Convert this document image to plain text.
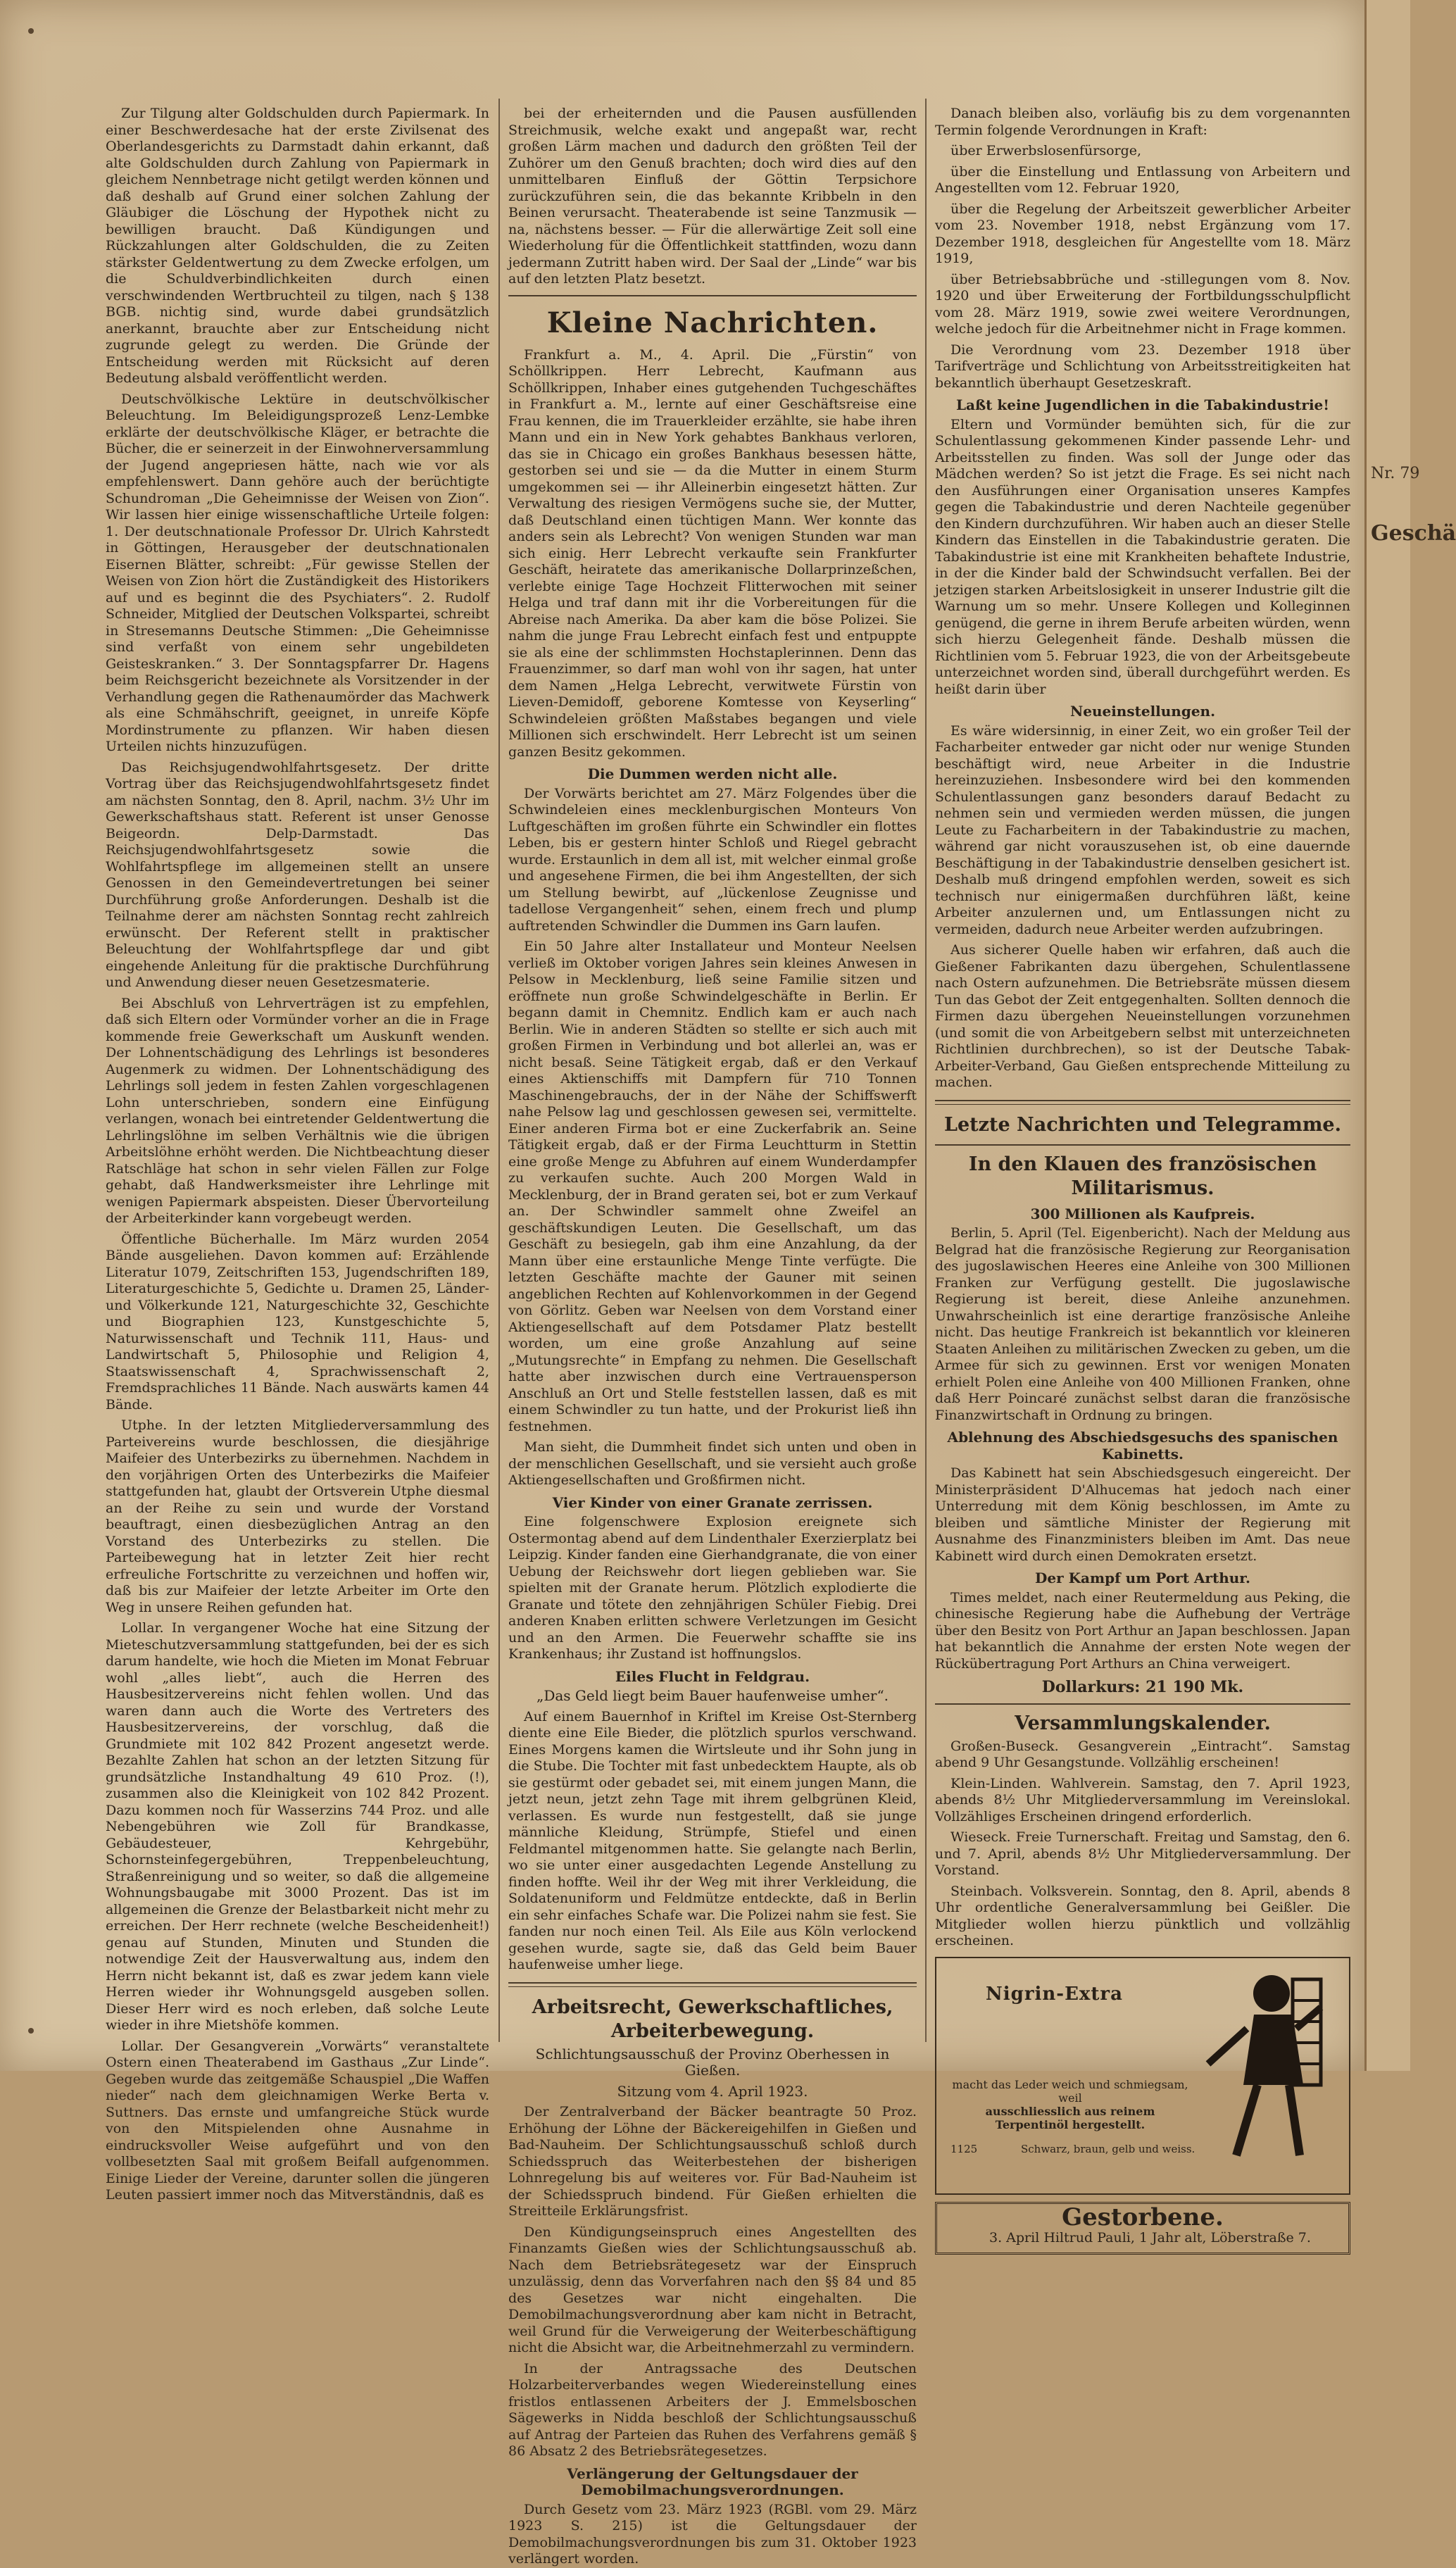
Zur Tilgung alter Goldschulden durch Papiermark. In einer Beschwerdesache hat der erste Zivilsenat des Oberlandesgerichts zu Darmstadt dahin erkannt, daß alte Goldschulden durch Zahlung von Papiermark in gleichem Nennbetrage nicht getilgt werden können und daß deshalb auf Grund einer solchen Zahlung der Gläubiger die Löschung der Hypothek nicht zu bewilligen braucht. Daß Kündigungen und Rückzahlungen alter Goldschulden, die zu Zeiten stärkster Geldentwertung zu dem Zwecke erfolgen, um die Schuldverbindlichkeiten durch einen verschwindenden Wertbruchteil zu tilgen, nach § 138 BGB. nichtig sind, wurde dabei grundsätzlich anerkannt, brauchte aber zur Entscheidung nicht zugrunde gelegt zu werden. Die Gründe der Entscheidung werden mit Rücksicht auf deren Bedeutung alsbald veröffentlicht werden.

Deutschvölkische Lektüre in deutschvölkischer Beleuchtung. Im Beleidigungsprozeß Lenz-Lembke erklärte der deutschvölkische Kläger, er betrachte die Bücher, die er seinerzeit in der Einwohnerversammlung der Jugend angepriesen hätte, nach wie vor als empfehlenswert. Dann gehöre auch der berüchtigte Schundroman „Die Geheimnisse der Weisen von Zion“. Wir lassen hier einige wissenschaftliche Urteile folgen: 1. Der deutschnationale Professor Dr. Ulrich Kahrstedt in Göttingen, Herausgeber der deutschnationalen Eisernen Blätter, schreibt: „Für gewisse Stellen der Weisen von Zion hört die Zuständigkeit des Historikers auf und es beginnt die des Psychiaters“. 2. Rudolf Schneider, Mitglied der Deutschen Volkspartei, schreibt in Stresemanns Deutsche Stimmen: „Die Geheimnisse sind verfaßt von einem sehr ungebildeten Geisteskranken.“ 3. Der Sonntagspfarrer Dr. Hagens beim Reichsgericht bezeichnete als Vorsitzender in der Verhandlung gegen die Rathenaumörder das Machwerk als eine Schmähschrift, geeignet, in unreife Köpfe Mordinstrumente zu pflanzen. Wir haben diesen Urteilen nichts hinzuzufügen.

Das Reichsjugendwohlfahrtsgesetz. Der dritte Vortrag über das Reichsjugendwohlfahrtsgesetz findet am nächsten Sonntag, den 8. April, nachm. 3½ Uhr im Gewerkschaftshaus statt. Referent ist unser Genosse Beigeordn. Delp-Darmstadt. Das Reichsjugendwohlfahrtsgesetz sowie die Wohlfahrtspflege im allgemeinen stellt an unsere Genossen in den Gemeindevertretungen bei seiner Durchführung große Anforderungen. Deshalb ist die Teilnahme derer am nächsten Sonntag recht zahlreich erwünscht. Der Referent stellt in praktischer Beleuchtung der Wohlfahrtspflege dar und gibt eingehende Anleitung für die praktische Durchführung und Anwendung dieser neuen Gesetzesmaterie.

Bei Abschluß von Lehrverträgen ist zu empfehlen, daß sich Eltern oder Vormünder vorher an die in Frage kommende freie Gewerkschaft um Auskunft wenden. Der Lohnentschädigung des Lehrlings ist besonderes Augenmerk zu widmen. Der Lohnentschädigung des Lehrlings soll jedem in festen Zahlen vorgeschlagenen Lohn unterschrieben, sondern eine Einfügung verlangen, wonach bei eintretender Geldentwertung die Lehrlingslöhne im selben Verhältnis wie die übrigen Arbeitslöhne erhöht werden. Die Nichtbeachtung dieser Ratschläge hat schon in sehr vielen Fällen zur Folge gehabt, daß Handwerksmeister ihre Lehrlinge mit wenigen Papiermark abspeisten. Dieser Übervorteilung der Arbeiterkinder kann vorgebeugt werden.

Öffentliche Bücherhalle. Im März wurden 2054 Bände ausgeliehen. Davon kommen auf: Erzählende Literatur 1079, Zeitschriften 153, Jugendschriften 189, Literaturgeschichte 5, Gedichte u. Dramen 25, Länder- und Völkerkunde 121, Naturgeschichte 32, Geschichte und Biographien 123, Kunstgeschichte 5, Naturwissenschaft und Technik 111, Haus- und Landwirtschaft 5, Philosophie und Religion 4, Staatswissenschaft 4, Sprachwissenschaft 2, Fremdsprachliches 11 Bände. Nach auswärts kamen 44 Bände.

Utphe. In der letzten Mitgliederversammlung des Parteivereins wurde beschlossen, die diesjährige Maifeier des Unterbezirks zu übernehmen. Nachdem in den vorjährigen Orten des Unterbezirks die Maifeier stattgefunden hat, glaubt der Ortsverein Utphe diesmal an der Reihe zu sein und wurde der Vorstand beauftragt, einen diesbezüglichen Antrag an den Vorstand des Unterbezirks zu stellen. Die Parteibewegung hat in letzter Zeit hier recht erfreuliche Fortschritte zu verzeichnen und hoffen wir, daß bis zur Maifeier der letzte Arbeiter im Orte den Weg in unsere Reihen gefunden hat.

Lollar. In vergangener Woche hat eine Sitzung der Mieteschutzversammlung stattgefunden, bei der es sich darum handelte, wie hoch die Mieten im Monat Februar wohl „alles liebt“, auch die Herren des Hausbesitzervereins nicht fehlen wollen. Und das waren dann auch die Worte des Vertreters des Hausbesitzervereins, der vorschlug, daß die Grundmiete mit 102 842 Prozent angesetzt werde. Bezahlte Zahlen hat schon an der letzten Sitzung für grundsätzliche Instandhaltung 49 610 Proz. (!), zusammen also die Kleinigkeit von 102 842 Prozent. Dazu kommen noch für Wasserzins 744 Proz. und alle Nebengebühren wie Zoll für Brandkasse, Gebäudesteuer, Kehrgebühr, Schornsteinfegergebühren, Treppenbeleuchtung, Straßenreinigung und so weiter, so daß die allgemeine Wohnungsbaugabe mit 3000 Prozent. Das ist im allgemeinen die Grenze der Belastbarkeit nicht mehr zu erreichen. Der Herr rechnete (welche Bescheidenheit!) genau auf Stunden, Minuten und Stunden die notwendige Zeit der Hausverwaltung aus, indem den Herrn nicht bekannt ist, daß es zwar jedem kann viele Herren wieder ihr Wohnungsgeld ausgeben sollen. Dieser Herr wird es noch erleben, daß solche Leute wieder in ihre Mietshöfe kommen.

Lollar. Der Gesangverein „Vorwärts“ veranstaltete Ostern einen Theaterabend im Gasthaus „Zur Linde“. Gegeben wurde das zeitgemäße Schauspiel „Die Waffen nieder“ nach dem gleichnamigen Werke Berta v. Suttners. Das ernste und umfangreiche Stück wurde von den Mitspielenden ohne Ausnahme in eindrucksvoller Weise aufgeführt und von den vollbesetzten Saal mit großem Beifall aufgenommen. Einige Lieder der Vereine, darunter sollen die jüngeren Leuten passiert immer noch das Mitverständnis, daß es

bei der erheiternden und die Pausen ausfüllenden Streichmusik, welche exakt und angepaßt war, recht großen Lärm machen und dadurch den größten Teil der Zuhörer um den Genuß brachten; doch wird dies auf den unmittelbaren Einfluß der Göttin Terpsichore zurückzuführen sein, die das bekannte Kribbeln in den Beinen verursacht. Theaterabende ist seine Tanzmusik — na, nächstens besser. — Für die allerwärtige Zeit soll eine Wiederholung für die Öffentlichkeit stattfinden, wozu dann jedermann Zutritt haben wird. Der Saal der „Linde“ war bis auf den letzten Platz besetzt.

Kleine Nachrichten.

Frankfurt a. M., 4. April. Die „Fürstin“ von Schöllkrippen. Herr Lebrecht, Kaufmann aus Schöllkrippen, Inhaber eines gutgehenden Tuchgeschäftes in Frankfurt a. M., lernte auf einer Geschäftsreise eine Frau kennen, die im Trauerkleider erzählte, sie habe ihren Mann und ein in New York gehabtes Bankhaus verloren, das sie in Chicago ein großes Bankhaus besessen hätte, gestorben sei und sie — da die Mutter in einem Sturm umgekommen sei — ihr Alleinerbin eingesetzt hätten. Zur Verwaltung des riesigen Vermögens suche sie, der Mutter, daß Deutschland einen tüchtigen Mann. Wer konnte das anders sein als Lebrecht? Von wenigen Stunden war man sich einig. Herr Lebrecht verkaufte sein Frankfurter Geschäft, heiratete das amerikanische Dollarprinzeßchen, verlebte einige Tage Hochzeit Flitterwochen mit seiner Helga und traf dann mit ihr die Vorbereitungen für die Abreise nach Amerika. Da aber kam die böse Polizei. Sie nahm die junge Frau Lebrecht einfach fest und entpuppte sie als eine der schlimmsten Hochstaplerinnen. Denn das Frauenzimmer, so darf man wohl von ihr sagen, hat unter dem Namen „Helga Lebrecht, verwitwete Fürstin von Lieven-Demidoff, geborene Komtesse von Keyserling“ Schwindeleien größten Maßstabes begangen und viele Millionen sich erschwindelt. Herr Lebrecht ist um seinen ganzen Besitz gekommen.

Die Dummen werden nicht alle.

Der Vorwärts berichtet am 27. März Folgendes über die Schwindeleien eines mecklenburgischen Monteurs Von Luftgeschäften im großen führte ein Schwindler ein flottes Leben, bis er gestern hinter Schloß und Riegel gebracht wurde. Erstaunlich in dem all ist, mit welcher einmal große und angesehene Firmen, die bei ihm Angestellten, der sich um Stellung bewirbt, auf „lückenlose Zeugnisse und tadellose Vergangenheit“ sehen, einem frech und plump auftretenden Schwindler die Dummen ins Garn laufen.

Ein 50 Jahre alter Installateur und Monteur Neelsen verließ im Oktober vorigen Jahres sein kleines Anwesen in Pelsow in Mecklenburg, ließ seine Familie sitzen und eröffnete nun große Schwindelgeschäfte in Berlin. Er begann damit in Chemnitz. Endlich kam er auch nach Berlin. Wie in anderen Städten so stellte er sich auch mit großen Firmen in Verbindung und bot allerlei an, was er nicht besaß. Seine Tätigkeit ergab, daß er den Verkauf eines Aktienschiffs mit Dampfern für 710 Tonnen Maschinengebrauchs, der in der Nähe der Schiffswerft nahe Pelsow lag und geschlossen gewesen sei, vermittelte. Einer anderen Firma bot er eine Zuckerfabrik an. Seine Tätigkeit ergab, daß er der Firma Leuchtturm in Stettin eine große Menge zu Abfuhren auf einem Wunderdampfer zu verkaufen suchte. Auch 200 Morgen Wald in Mecklenburg, der in Brand geraten sei, bot er zum Verkauf an. Der Schwindler sammelt ohne Zweifel an geschäftskundigen Leuten. Die Gesellschaft, um das Geschäft zu besiegeln, gab ihm eine Anzahlung, da der Mann über eine erstaunliche Menge Tinte verfügte. Die letzten Geschäfte machte der Gauner mit seinen angeblichen Rechten auf Kohlenvorkommen in der Gegend von Görlitz. Geben war Neelsen von dem Vorstand einer Aktiengesellschaft auf dem Potsdamer Platz bestellt worden, um eine große Anzahlung auf seine „Mutungsrechte“ in Empfang zu nehmen. Die Gesellschaft hatte aber inzwischen durch eine Vertrauensperson Anschluß an Ort und Stelle feststellen lassen, daß es mit einem Schwindler zu tun hatte, und der Prokurist ließ ihn festnehmen.

Man sieht, die Dummheit findet sich unten und oben in der menschlichen Gesellschaft, und sie versieht auch große Aktiengesellschaften und Großfirmen nicht.

Vier Kinder von einer Granate zerrissen.

Eine folgenschwere Explosion ereignete sich Ostermontag abend auf dem Lindenthaler Exerzierplatz bei Leipzig. Kinder fanden eine Gierhandgranate, die von einer Uebung der Reichswehr dort liegen geblieben war. Sie spielten mit der Granate herum. Plötzlich explodierte die Granate und tötete den zehnjährigen Schüler Fiebig. Drei anderen Knaben erlitten schwere Verletzungen im Gesicht und an den Armen. Die Feuerwehr schaffte sie ins Krankenhaus; ihr Zustand ist hoffnungslos.

Eiles Flucht in Feldgrau.
„Das Geld liegt beim Bauer haufenweise umher“.

Auf einem Bauernhof in Kriftel im Kreise Ost-Sternberg diente eine Eile Bieder, die plötzlich spurlos verschwand. Eines Morgens kamen die Wirtsleute und ihr Sohn jung in die Stube. Die Tochter mit fast unbedecktem Haupte, als ob sie gestürmt oder gebadet sei, mit einem jungen Mann, die jetzt neun, jetzt zehn Tage mit ihrem gelbgrünen Kleid, verlassen. Es wurde nun festgestellt, daß sie junge männliche Kleidung, Strümpfe, Stiefel und einen Feldmantel mitgenommen hatte. Sie gelangte nach Berlin, wo sie unter einer ausgedachten Legende Anstellung zu finden hoffte. Weil ihr der Weg mit ihrer Verkleidung, die Soldatenuniform und Feldmütze entdeckte, daß in Berlin ein sehr einfaches Schafe war. Die Polizei nahm sie fest. Sie fanden nur noch einen Teil. Als Eile aus Köln verlockend gesehen wurde, sagte sie, daß das Geld beim Bauer haufenweise umher liege.

Arbeitsrecht, Gewerkschaftliches, Arbeiterbewegung.
Schlichtungsausschuß der Provinz Oberhessen in Gießen.
Sitzung vom 4. April 1923.

Der Zentralverband der Bäcker beantragte 50 Proz. Erhöhung der Löhne der Bäckereigehilfen in Gießen und Bad-Nauheim. Der Schlichtungsausschuß schloß durch Schiedsspruch das Weiterbestehen der bisherigen Lohnregelung bis auf weiteres vor. Für Bad-Nauheim ist der Schiedsspruch bindend. Für Gießen erhielten die Streitteile Erklärungsfrist.

Den Kündigungseinspruch eines Angestellten des Finanzamts Gießen wies der Schlichtungsausschuß ab. Nach dem Betriebsrätegesetz war der Einspruch unzulässig, denn das Vorverfahren nach den §§ 84 und 85 des Gesetzes war nicht eingehalten. Die Demobilmachungsverordnung aber kam nicht in Betracht, weil Grund für die Verweigerung der Weiterbeschäftigung nicht die Absicht war, die Arbeitnehmerzahl zu vermindern.

In der Antragssache des Deutschen Holzarbeiterverbandes wegen Wiedereinstellung eines fristlos entlassenen Arbeiters der J. Emmelsboschen Sägewerks in Nidda beschloß der Schlichtungsausschuß auf Antrag der Parteien das Ruhen des Verfahrens gemäß § 86 Absatz 2 des Betriebsrätegesetzes.

Verlängerung der Geltungsdauer der Demobilmachungsverordnungen.

Durch Gesetz vom 23. März 1923 (RGBl. vom 29. März 1923 S. 215) ist die Geltungsdauer der Demobilmachungsverordnungen bis zum 31. Oktober 1923 verlängert worden.

Danach bleiben also, vorläufig bis zu dem vorgenannten Termin folgende Verordnungen in Kraft:

über Erwerbslosenfürsorge,

über die Einstellung und Entlassung von Arbeitern und Angestellten vom 12. Februar 1920,

über die Regelung der Arbeitszeit gewerblicher Arbeiter vom 23. November 1918, nebst Ergänzung vom 17. Dezember 1918, desgleichen für Angestellte vom 18. März 1919,

über Betriebsabbrüche und -stillegungen vom 8. Nov. 1920 und über Erweiterung der Fortbildungsschulpflicht vom 28. März 1919, sowie zwei weitere Verordnungen, welche jedoch für die Arbeitnehmer nicht in Frage kommen.

Die Verordnung vom 23. Dezember 1918 über Tarifverträge und Schlichtung von Arbeitsstreitigkeiten hat bekanntlich überhaupt Gesetzeskraft.

Laßt keine Jugendlichen in die Tabakindustrie!

Eltern und Vormünder bemühten sich, für die zur Schulentlassung gekommenen Kinder passende Lehr- und Arbeitsstellen zu finden. Was soll der Junge oder das Mädchen werden? So ist jetzt die Frage. Es sei nicht nach den Ausführungen einer Organisation unseres Kampfes gegen die Tabakindustrie und deren Nachteile gegenüber den Kindern durchzuführen. Wir haben auch an dieser Stelle Kindern das Einstellen in die Tabakindustrie geraten. Die Tabakindustrie ist eine mit Krankheiten behaftete Industrie, in der die Kinder bald der Schwindsucht verfallen. Bei der jetzigen starken Arbeitslosigkeit in unserer Industrie gilt die Warnung um so mehr. Unsere Kollegen und Kolleginnen genügend, die gerne in ihrem Berufe arbeiten würden, wenn sich hierzu Gelegenheit fände. Deshalb müssen die Richtlinien vom 5. Februar 1923, die von der Arbeitsgebeute unterzeichnet worden sind, überall durchgeführt werden. Es heißt darin über

Neueinstellungen.

Es wäre widersinnig, in einer Zeit, wo ein großer Teil der Facharbeiter entweder gar nicht oder nur wenige Stunden beschäftigt wird, neue Arbeiter in die Industrie hereinzuziehen. Insbesondere wird bei den kommenden Schulentlassungen ganz besonders darauf Bedacht zu nehmen sein und vermieden werden müssen, die jungen Leute zu Facharbeitern in der Tabakindustrie zu machen, während gar nicht vorauszusehen ist, ob eine dauernde Beschäftigung in der Tabakindustrie denselben gesichert ist. Deshalb muß dringend empfohlen werden, soweit es sich technisch nur einigermaßen durchführen läßt, keine Arbeiter anzulernen und, um Entlassungen nicht zu vermeiden, dadurch neue Arbeiter werden aufzubringen.

Aus sicherer Quelle haben wir erfahren, daß auch die Gießener Fabrikanten dazu übergehen, Schulentlassene nach Ostern aufzunehmen. Die Betriebsräte müssen diesem Tun das Gebot der Zeit entgegenhalten. Sollten dennoch die Firmen dazu übergehen Neueinstellungen vorzunehmen (und somit die von Arbeitgebern selbst mit unterzeichneten Richtlinien durchbrechen), so ist der Deutsche Tabak-Arbeiter-Verband, Gau Gießen entsprechende Mitteilung zu machen.

Letzte Nachrichten und Telegramme.
In den Klauen des französischen Militarismus.
300 Millionen als Kaufpreis.

Berlin, 5. April (Tel. Eigenbericht). Nach der Meldung aus Belgrad hat die französische Regierung zur Reorganisation des jugoslawischen Heeres eine Anleihe von 300 Millionen Franken zur Verfügung gestellt. Die jugoslawische Regierung ist bereit, diese Anleihe anzunehmen. Unwahrscheinlich ist eine derartige französische Anleihe nicht. Das heutige Frankreich ist bekanntlich vor kleineren Staaten Anleihen zu militärischen Zwecken zu geben, um die Armee für sich zu gewinnen. Erst vor wenigen Monaten erhielt Polen eine Anleihe von 400 Millionen Franken, ohne daß Herr Poincaré zunächst selbst daran die französische Finanzwirtschaft in Ordnung zu bringen.

Ablehnung des Abschiedsgesuchs des spanischen Kabinetts.

Das Kabinett hat sein Abschiedsgesuch eingereicht. Der Ministerpräsident D'Alhucemas hat jedoch nach einer Unterredung mit dem König beschlossen, im Amte zu bleiben und sämtliche Minister der Regierung mit Ausnahme des Finanzministers bleiben im Amt. Das neue Kabinett wird durch einen Demokraten ersetzt.

Der Kampf um Port Arthur.

Times meldet, nach einer Reutermeldung aus Peking, die chinesische Regierung habe die Aufhebung der Verträge über den Besitz von Port Arthur an Japan beschlossen. Japan hat bekanntlich die Annahme der ersten Note wegen der Rückübertragung Port Arthurs an China verweigert.

Dollarkurs: 21 190 Mk.
Versammlungskalender.

Großen-Buseck. Gesangverein „Eintracht“. Samstag abend 9 Uhr Gesangstunde. Vollzählig erscheinen!

Klein-Linden. Wahlverein. Samstag, den 7. April 1923, abends 8½ Uhr Mitgliederversammlung im Vereinslokal. Vollzähliges Erscheinen dringend erforderlich.

Wieseck. Freie Turnerschaft. Freitag und Samstag, den 6. und 7. April, abends 8½ Uhr Mitgliederversammlung. Der Vorstand.

Steinbach. Volksverein. Sonntag, den 8. April, abends 8 Uhr ordentliche Generalversammlung bei Geißler. Die Mitglieder wollen hierzu pünktlich und vollzählig erscheinen.

Nigrin-Extra
macht das Leder weich und schmiegsam, weil
ausschliesslich aus reinem Terpentinöl hergestellt.
1125	Schwarz, braun, gelb und weiss.
Gestorbene.
3. April Hiltrud Pauli, 1 Jahr alt, Löberstraße 7.
Geschä
Nr. 79
